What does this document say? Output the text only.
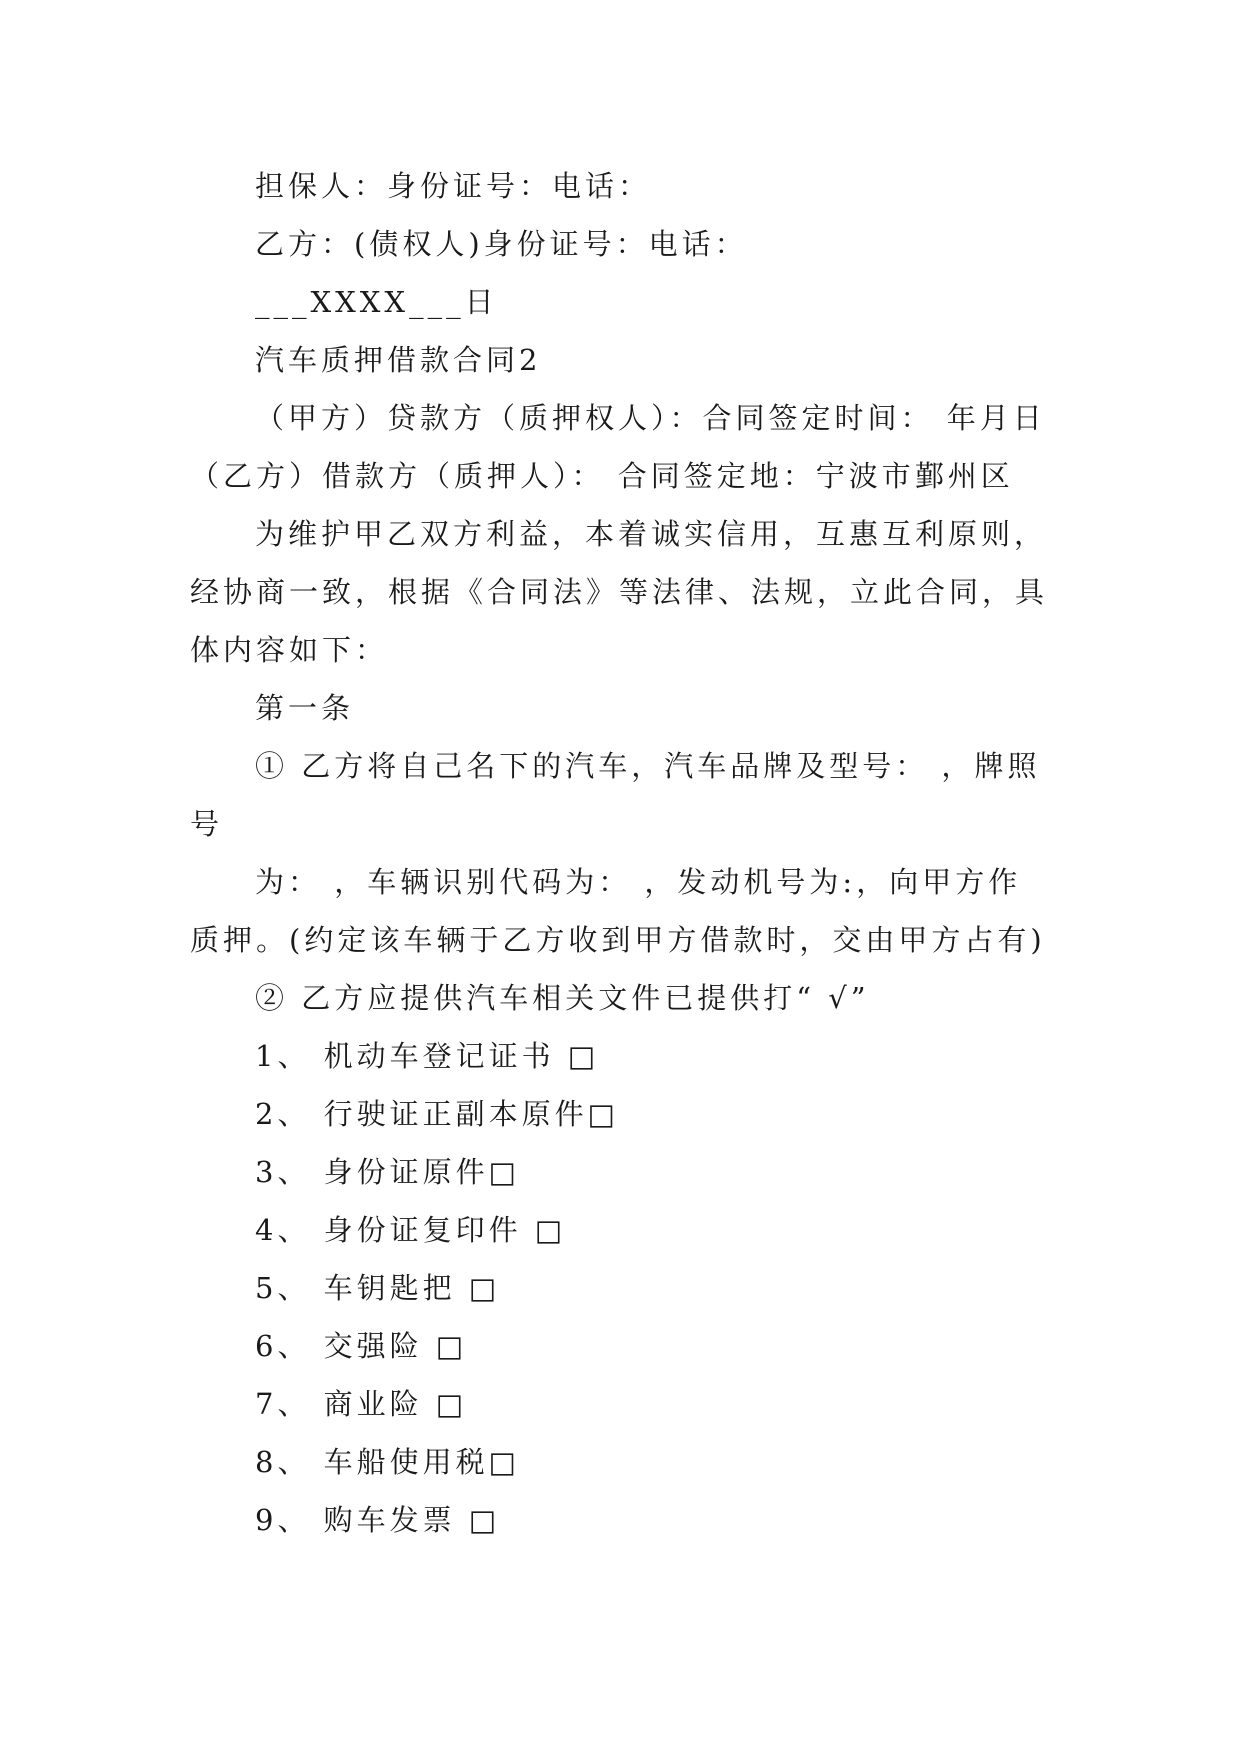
担保人：身份证号：电话：
乙方：(债权人)身份证号：电话：
___XXXX___日
汽车质押借款合同2
（甲方）贷款方（质押权人）：合同签定时间： 年月日
（乙方）借款方（质押人）： 合同签定地：宁波市鄞州区
为维护甲乙双方利益，本着诚实信用，互惠互利原则，
经协商一致，根据《合同法》等法律、法规，立此合同，具
体内容如下：
第一条
① 乙方将自己名下的汽车，汽车品牌及型号： ，牌照
号
为： ，车辆识别代码为： ，发动机号为:，向甲方作
质押。(约定该车辆于乙方收到甲方借款时，交由甲方占有)
② 乙方应提供汽车相关文件已提供打“ √”
1、 机动车登记证书 □
2、 行驶证正副本原件□
3、 身份证原件□
4、 身份证复印件 □
5、 车钥匙把 □
6、 交强险 □
7、 商业险 □
8、 车船使用税□
9、 购车发票 □
